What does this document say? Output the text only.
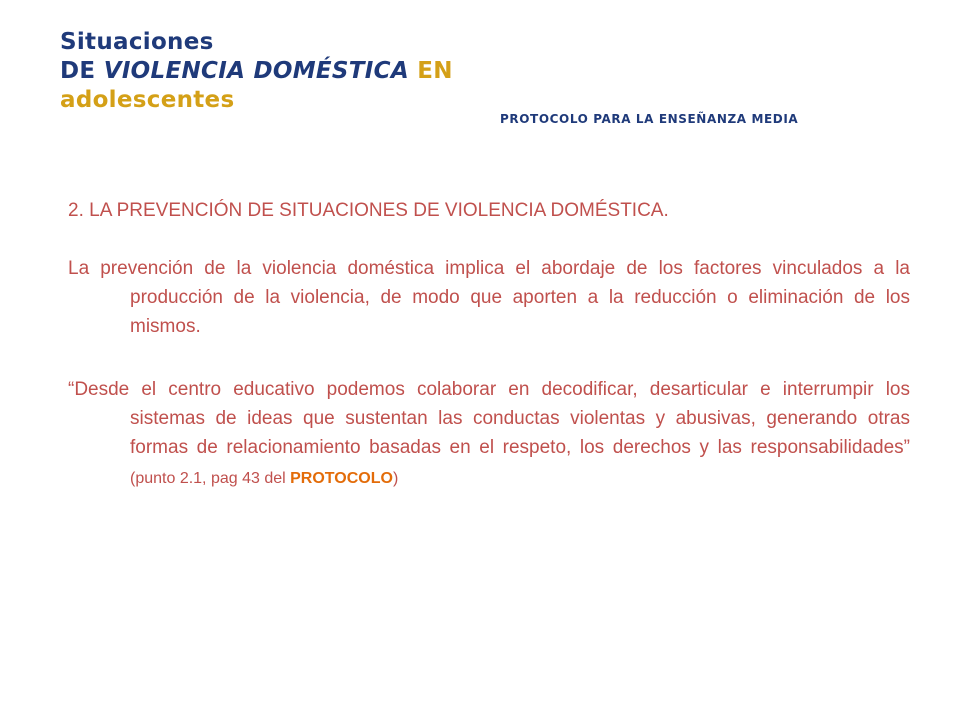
Situaciones
DE VIOLENCIA DOMÉSTICA EN
adolescentes
PROTOCOLO PARA LA ENSEÑANZA MEDIA

2. LA PREVENCIÓN DE SITUACIONES DE VIOLENCIA DOMÉSTICA.

La prevención de la violencia doméstica implica el abordaje de los factores vinculados a la producción de la violencia, de modo que aporten a la reducción o eliminación de los mismos.

“Desde el centro educativo podemos colaborar en decodificar, desarticular e interrumpir los sistemas de ideas que sustentan las conductas violentas y abusivas, generando otras formas de relacionamiento basadas en el respeto, los derechos y las responsabilidades” (punto 2.1, pag 43 del PROTOCOLO)
